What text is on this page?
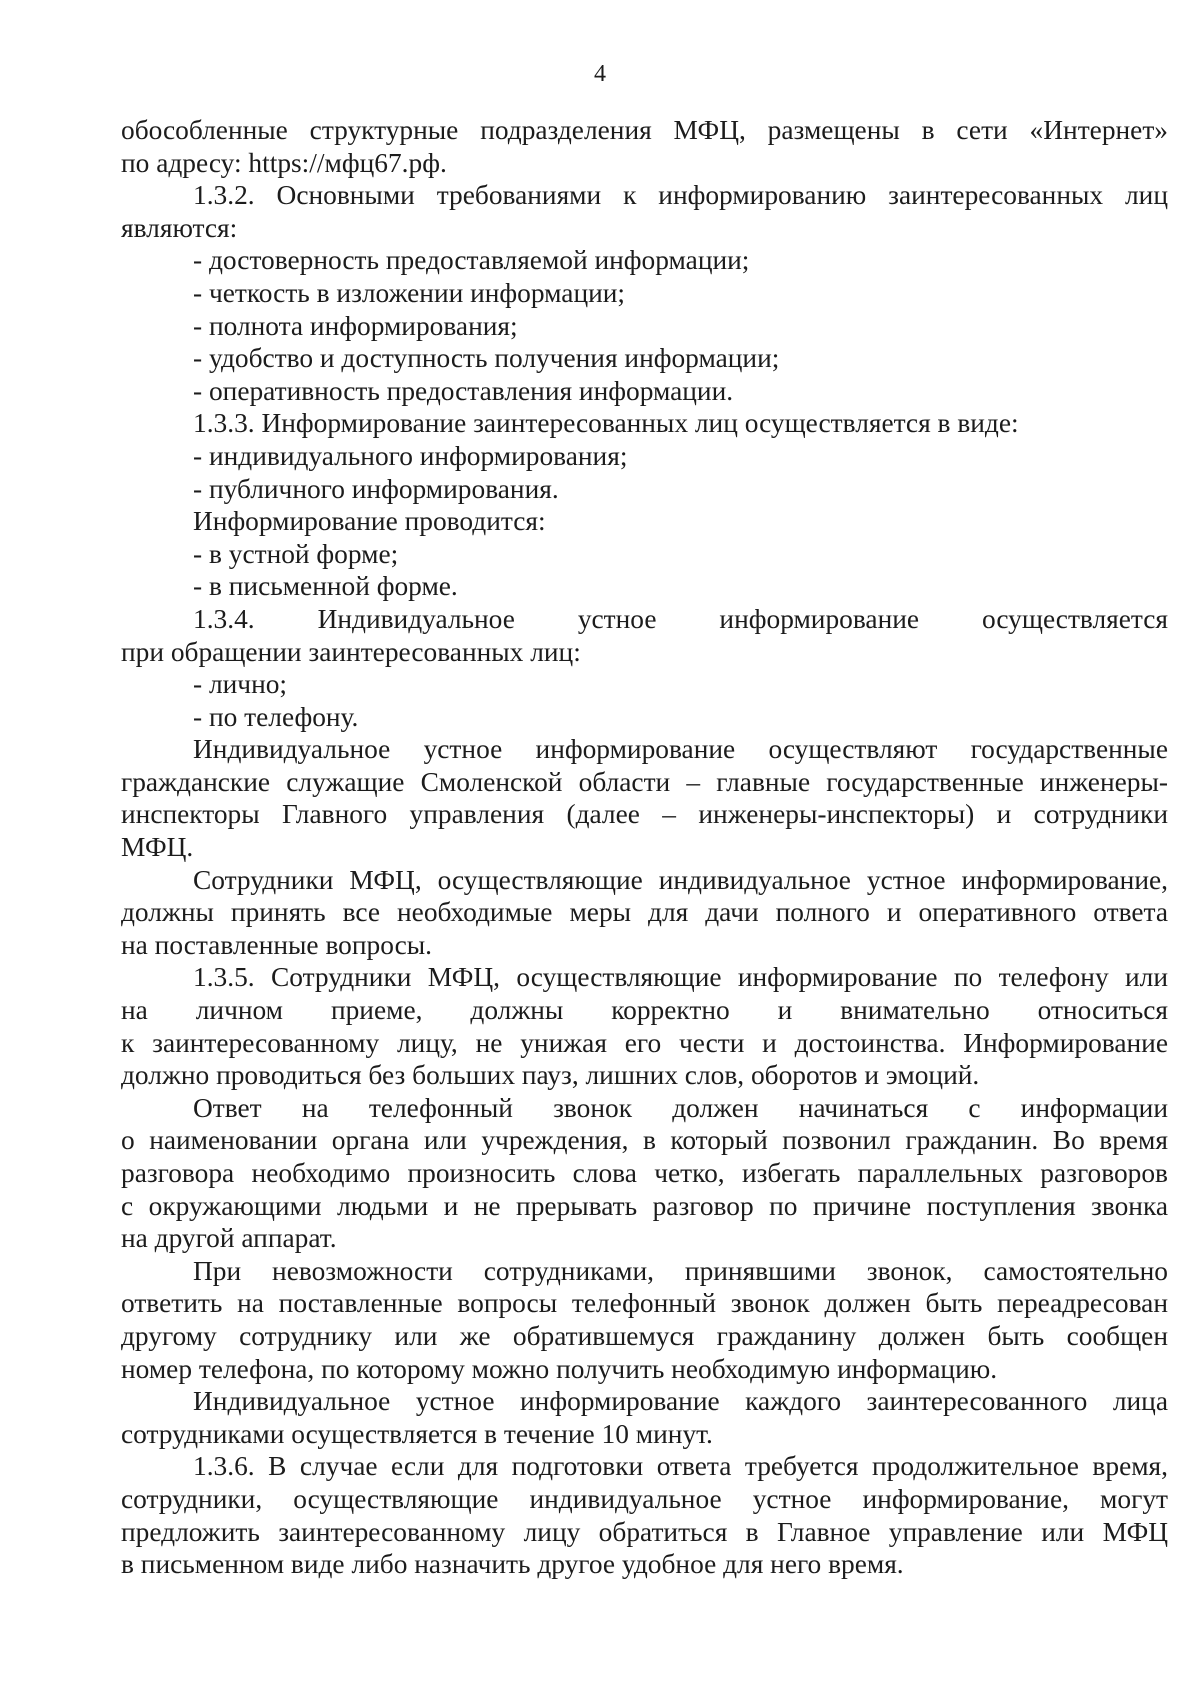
4

обособленные структурные подразделения МФЦ, размещены в сети «Интернет»

по адресу: https://мфц67.рф.

1.3.2. Основными требованиями к информированию заинтересованных лиц

являются:

- достоверность предоставляемой информации;

- четкость в изложении информации;

- полнота информирования;

- удобство и доступность получения информации;

- оперативность предоставления информации.

1.3.3. Информирование заинтересованных лиц осуществляется в виде:

- индивидуального информирования;

- публичного информирования.

Информирование проводится:

- в устной форме;

- в письменной форме.

1.3.4. Индивидуальное устное информирование осуществляется

при обращении заинтересованных лиц:

- лично;

- по телефону.

Индивидуальное устное информирование осуществляют государственные

гражданские служащие Смоленской области – главные государственные инженеры-

инспекторы Главного управления (далее – инженеры-инспекторы) и сотрудники

МФЦ.

Сотрудники МФЦ, осуществляющие индивидуальное устное информирование,

должны принять все необходимые меры для дачи полного и оперативного ответа

на поставленные вопросы.

1.3.5. Сотрудники МФЦ, осуществляющие информирование по телефону или

на личном приеме, должны корректно и внимательно относиться

к заинтересованному лицу, не унижая его чести и достоинства. Информирование

должно проводиться без больших пауз, лишних слов, оборотов и эмоций.

Ответ на телефонный звонок должен начинаться с информации

о наименовании органа или учреждения, в который позвонил гражданин. Во время

разговора необходимо произносить слова четко, избегать параллельных разговоров

с окружающими людьми и не прерывать разговор по причине поступления звонка

на другой аппарат.

При невозможности сотрудниками, принявшими звонок, самостоятельно

ответить на поставленные вопросы телефонный звонок должен быть переадресован

другому сотруднику или же обратившемуся гражданину должен быть сообщен

номер телефона, по которому можно получить необходимую информацию.

Индивидуальное устное информирование каждого заинтересованного лица

сотрудниками осуществляется в течение 10 минут.

1.3.6. В случае если для подготовки ответа требуется продолжительное время,

сотрудники, осуществляющие индивидуальное устное информирование, могут

предложить заинтересованному лицу обратиться в Главное управление или МФЦ

в письменном виде либо назначить другое удобное для него время.
